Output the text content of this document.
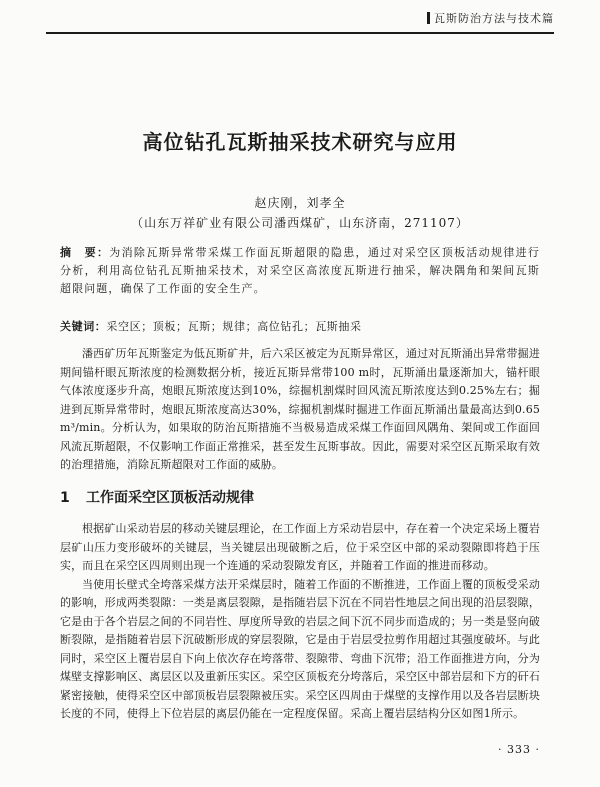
瓦斯防治方法与技术篇
高位钻孔瓦斯抽采技术研究与应用
赵庆刚，刘孝全
（山东万祥矿业有限公司潘西煤矿，山东济南，271107）
摘　要：为消除瓦斯异常带采煤工作面瓦斯超限的隐患，通过对采空区顶板活动规律进行分析，利用高位钻孔瓦斯抽采技术，对采空区高浓度瓦斯进行抽采，解决隅角和架间瓦斯超限问题，确保了工作面的安全生产。
关键词：采空区；顶板；瓦斯；规律；高位钻孔；瓦斯抽采

潘西矿历年瓦斯鉴定为低瓦斯矿井，后六采区被定为瓦斯异常区，通过对瓦斯涌出异常带掘进期间锚杆眼瓦斯浓度的检测数据分析，接近瓦斯异常带100 m时，瓦斯涌出量逐渐加大，锚杆眼气体浓度逐步升高，炮眼瓦斯浓度达到10%，综掘机割煤时回风流瓦斯浓度达到0.25%左右；掘进到瓦斯异常带时，炮眼瓦斯浓度高达30%，综掘机割煤时掘进工作面瓦斯涌出量最高达到0.65 m³/min。分析认为，如果取的防治瓦斯措施不当极易造成采煤工作面回风隅角、架间或工作面回风流瓦斯超限，不仅影响工作面正常推采，甚至发生瓦斯事故。因此，需要对采空区瓦斯采取有效的治理措施，消除瓦斯超限对工作面的威胁。

1 工作面采空区顶板活动规律

根据矿山采动岩层的移动关键层理论，在工作面上方采动岩层中，存在着一个决定采场上覆岩层矿山压力变形破坏的关键层，当关键层出现破断之后，位于采空区中部的采动裂隙即将趋于压实，而且在采空区四周则出现一个连通的采动裂隙发育区，并随着工作面的推进而移动。

当使用长壁式全垮落采煤方法开采煤层时，随着工作面的不断推进，工作面上覆的顶板受采动的影响，形成两类裂隙：一类是离层裂隙，是指随岩层下沉在不同岩性地层之间出现的沿层裂隙，它是由于各个岩层之间的不同岩性、厚度所导致的岩层之间下沉不同步而造成的；另一类是竖向破断裂隙，是指随着岩层下沉破断形成的穿层裂隙，它是由于岩层受拉剪作用超过其强度破坏。与此同时，采空区上覆岩层自下向上依次存在垮落带、裂隙带、弯曲下沉带；沿工作面推进方向，分为煤壁支撑影响区、离层区以及重新压实区。采空区顶板充分垮落后，采空区中部岩层和下方的矸石紧密接触，使得采空区中部顶板岩层裂隙被压实。采空区四周由于煤壁的支撑作用以及各岩层断块长度的不同，使得上下位岩层的离层仍能在一定程度保留。采高上覆岩层结构分区如图1所示。

· 333 ·
